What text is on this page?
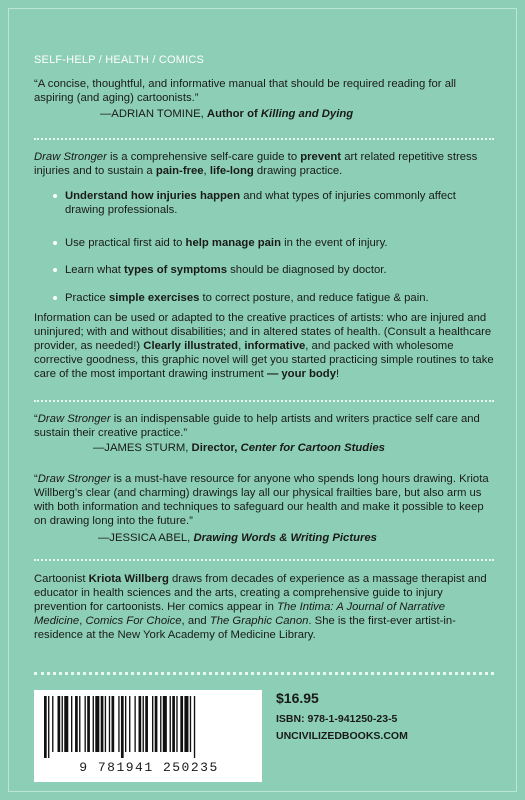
SELF-HELP / HEALTH / COMICS
“A concise, thoughtful, and informative manual that should be required reading for all aspiring (and aging) cartoonists.”
—ADRIAN TOMINE, Author of Killing and Dying
Draw Stronger is a comprehensive self-care guide to prevent art related repetitive stress injuries and to sustain a pain-free, life-long drawing practice.
Understand how injuries happen and what types of injuries commonly affect drawing professionals.
Use practical first aid to help manage pain in the event of injury.
Learn what types of symptoms should be diagnosed by doctor.
Practice simple exercises to correct posture, and reduce fatigue & pain.
Information can be used or adapted to the creative practices of artists: who are injured and uninjured; with and without disabilities; and in altered states of health. (Consult a healthcare provider, as needed!) Clearly illustrated, informative, and packed with wholesome corrective goodness, this graphic novel will get you started practicing simple routines to take care of the most important drawing instrument — your body!
“Draw Stronger is an indispensable guide to help artists and writers practice self care and sustain their creative practice.”
—JAMES STURM, Director, Center for Cartoon Studies
“Draw Stronger is a must-have resource for anyone who spends long hours drawing. Kriota Willberg’s clear (and charming) drawings lay all our physical frailties bare, but also arm us with both information and techniques to safeguard our health and make it possible to keep on drawing long into the future.”
—JESSICA ABEL, Drawing Words & Writing Pictures
Cartoonist Kriota Willberg draws from decades of experience as a massage therapist and educator in health sciences and the arts, creating a comprehensive guide to injury prevention for cartoonists. Her comics appear in The Intima: A Journal of Narrative Medicine, Comics For Choice, and The Graphic Canon. She is the first-ever artist-in-residence at the New York Academy of Medicine Library.
9 781941 250235
$16.95
ISBN: 978-1-941250-23-5
UNCIVILIZEDBOOKS.COM
